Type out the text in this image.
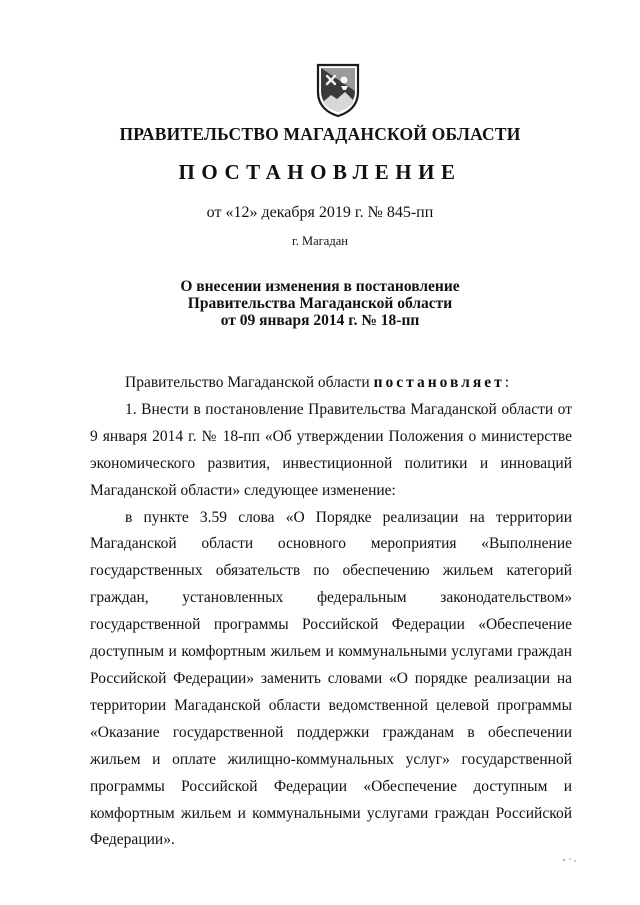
ПРАВИТЕЛЬСТВО МАГАДАНСКОЙ ОБЛАСТИ
ПОСТАНОВЛЕНИЕ
от «12» декабря 2019 г. № 845-пп
г. Магадан
О внесении изменения в постановление
Правительства Магаданской области
от 09 января 2014 г. № 18-пп

Правительство Магаданской области постановляет:

1. Внести в постановление Правительства Магаданской области от 9 января 2014 г. № 18-пп «Об утверждении Положения о министерстве экономического развития, инвестиционной политики и инноваций Магаданской области» следующее изменение:

в пункте 3.59 слова «О Порядке реализации на территории Магаданской области основного мероприятия «Выполнение государственных обязательств по обеспечению жильем категорий граждан, установленных федеральным законодательством» государственной программы Российской Федерации «Обеспечение доступным и комфортным жильем и коммунальными услугами граждан Российской Федерации» заменить словами «О порядке реализации на территории Магаданской области ведомственной целевой программы «Оказание государственной поддержки гражданам в обеспечении жильем и оплате жилищно-коммунальных услуг» государственной программы Российской Федерации «Обеспечение доступным и комфортным жильем и коммунальными услугами граждан Российской Федерации».
